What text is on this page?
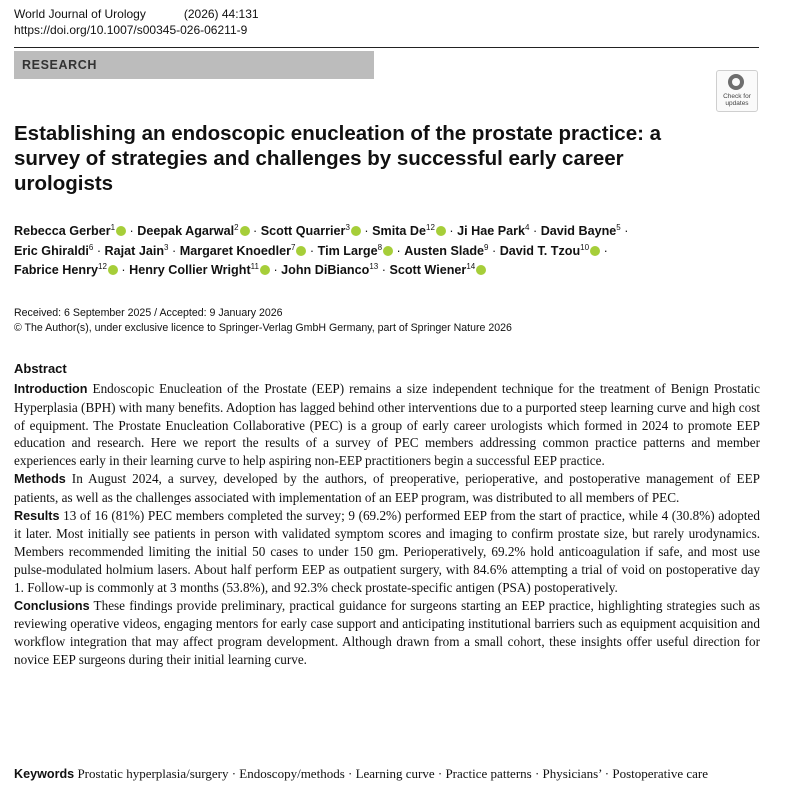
World Journal of Urology	(2026) 44:131
https://doi.org/10.1007/s00345-026-06211-9
RESEARCH
Check for
updates
Establishing an endoscopic enucleation of the prostate practice: a survey of strategies and challenges by successful early career urologists
Rebecca Gerber$^1$ · Deepak Agarwal$^2$ · Scott Quarrier$^3$ · Smita $De^{12} \cdot Ji$ Hae Park$^4$ · David Bayne$^5$ · Eric Ghiraldi$^6$ · Rajat Jain$^3$ · Margaret Knoedler$^7$ · Tim Large$^8$ · Austen Slade$^9$ · David T. Tzou$^{10}$ · Fabrice Henry$^{12}$ · Henry Collier Wright$^{11}$ · John DiBianco$^{13}$ · Scott Wiener$^{14}$
Received: 6 September 2025 / Accepted: 9 January 2026
© The Author(s), under exclusive licence to Springer-Verlag GmbH Germany, part of Springer Nature 2026
Abstract

Introduction Endoscopic Enucleation of the Prostate (EEP) remains a size independent technique for the treatment of Benign Prostatic Hyperplasia (BPH) with many benefits. Adoption has lagged behind other interventions due to a purported steep learning curve and high cost of equipment. The Prostate Enucleation Collaborative (PEC) is a group of early career urologists which formed in 2024 to promote EEP education and research. Here we report the results of a survey of PEC members addressing common practice patterns and member experiences early in their learning curve to help aspiring non-EEP practitioners begin a successful EEP practice.

Methods In August 2024, a survey, developed by the authors, of preoperative, perioperative, and postoperative management of EEP patients, as well as the challenges associated with implementation of an EEP program, was distributed to all members of PEC.

Results 13 of 16 (81%) PEC members completed the survey; 9 (69.2%) performed EEP from the start of practice, while 4 (30.8%) adopted it later. Most initially see patients in person with validated symptom scores and imaging to confirm prostate size, but rarely urodynamics. Members recommended limiting the initial 50 cases to under 150 gm. Perioperatively, 69.2% hold anticoagulation if safe, and most use pulse-modulated holmium lasers. About half perform EEP as outpatient surgery, with 84.6% attempting a trial of void on postoperative day 1. Follow-up is commonly at 3 months (53.8%), and 92.3% check prostate-specific antigen (PSA) postoperatively.

Conclusions These findings provide preliminary, practical guidance for surgeons starting an EEP practice, highlighting strategies such as reviewing operative videos, engaging mentors for early case support and anticipating institutional barriers such as equipment acquisition and workflow integration that may affect program development. Although drawn from a small cohort, these insights offer useful direction for novice EEP surgeons during their initial learning curve.

Keywords Prostatic hyperplasia/surgery · Endoscopy/methods · Learning curve · Practice patterns · Physicians’ · Postoperative care
